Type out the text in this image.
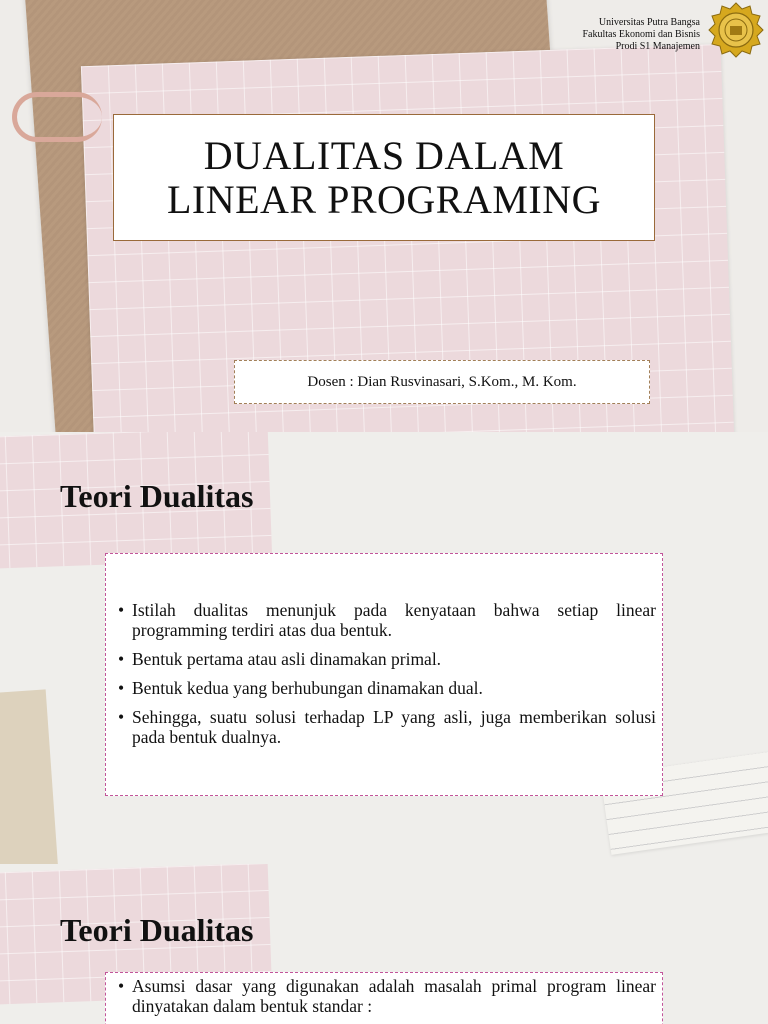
Universitas Putra Bangsa
Fakultas Ekonomi dan Bisnis
Prodi S1 Manajemen
DUALITAS DALAM
LINEAR PROGRAMING
Dosen : Dian Rusvinasari, S.Kom., M. Kom.
Teori Dualitas
• Istilah dualitas menunjuk pada kenyataan bahwa setiap linear programming terdiri atas dua bentuk.
• Bentuk pertama atau asli dinamakan primal.
• Bentuk kedua yang berhubungan dinamakan dual.
• Sehingga, suatu solusi terhadap LP yang asli, juga memberikan solusi pada bentuk dualnya.
Teori Dualitas
• Asumsi dasar yang digunakan adalah masalah primal program linear dinyatakan dalam bentuk standar :
